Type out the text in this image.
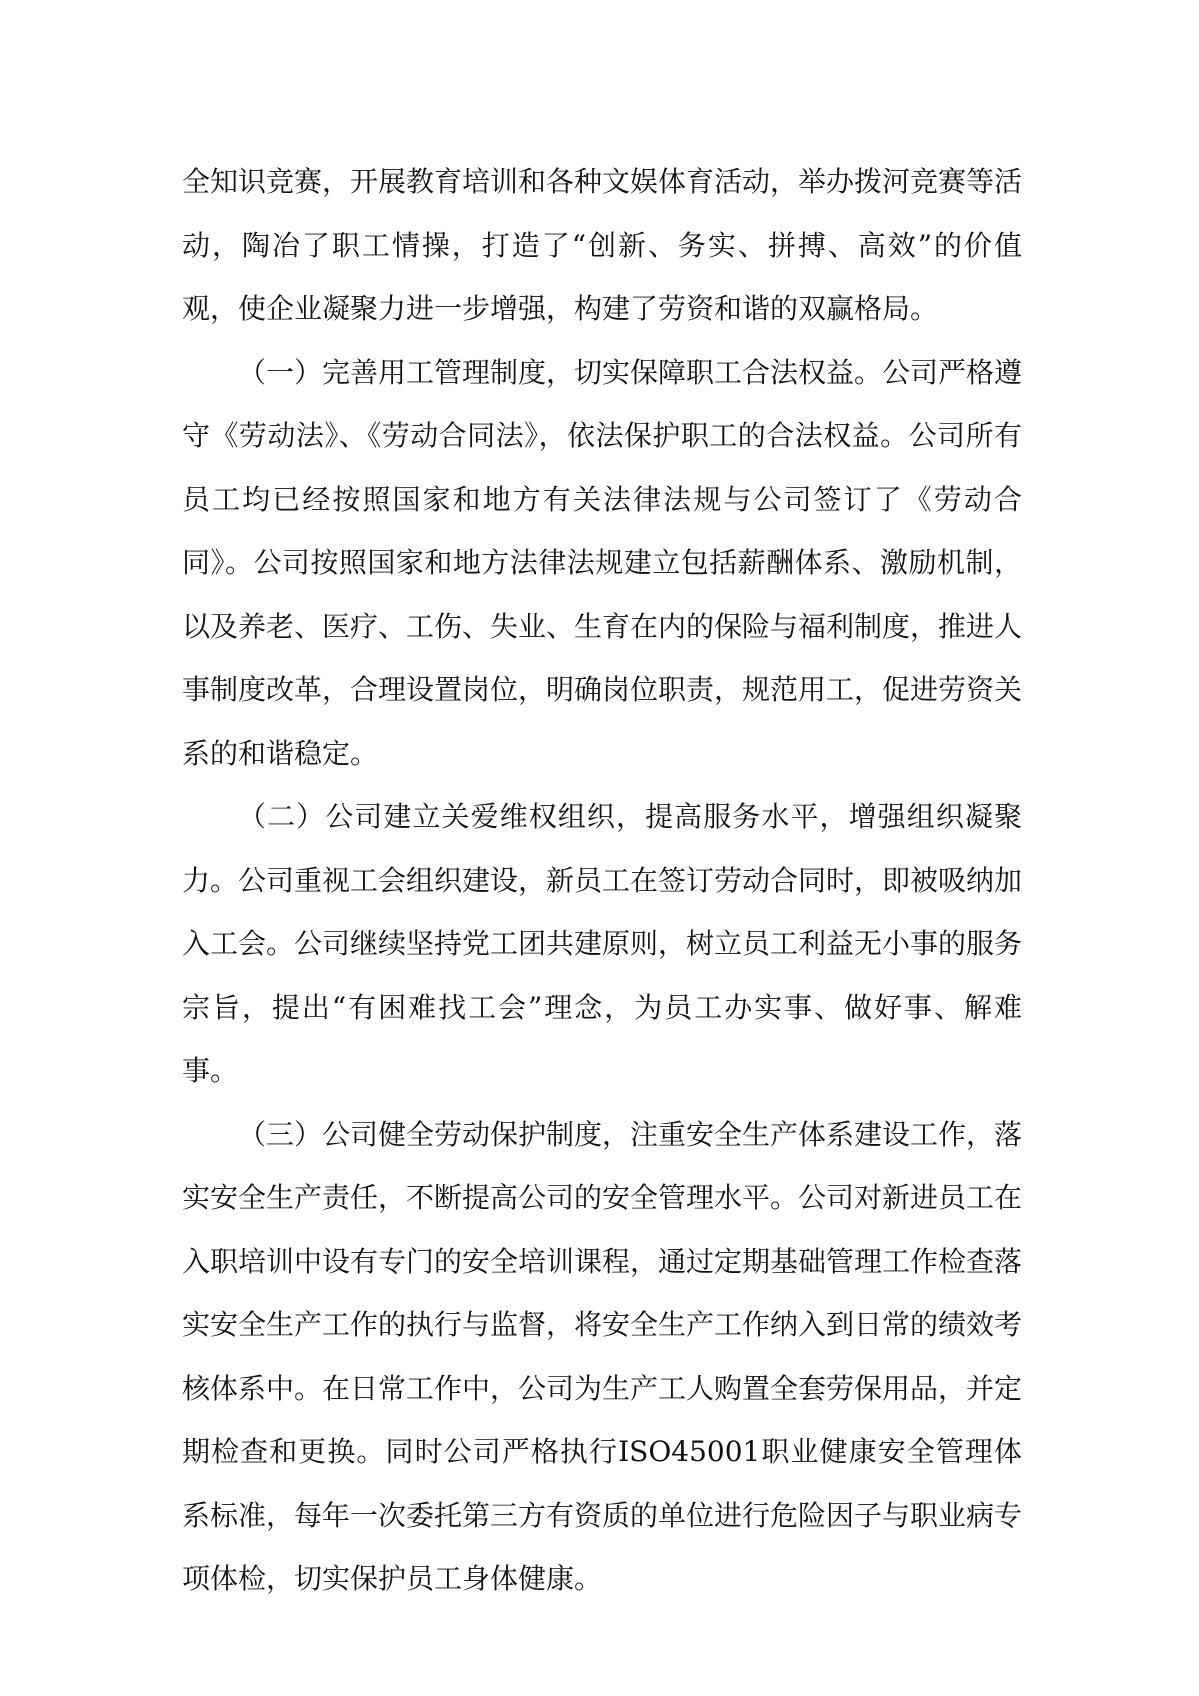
全知识竞赛，开展教育培训和各种文娱体育活动，举办拨河竞赛等活动，陶冶了职工情操，打造了“创新、务实、拼搏、高效”的价值观，使企业凝聚力进一步增强，构建了劳资和谐的双赢格局。

（一）完善用工管理制度，切实保障职工合法权益。公司严格遵守《劳动法》、《劳动合同法》，依法保护职工的合法权益。公司所有员工均已经按照国家和地方有关法律法规与公司签订了《劳动合同》。公司按照国家和地方法律法规建立包括薪酬体系、激励机制，以及养老、医疗、工伤、失业、生育在内的保险与福利制度，推进人事制度改革，合理设置岗位，明确岗位职责，规范用工，促进劳资关系的和谐稳定。

（二）公司建立关爱维权组织，提高服务水平，增强组织凝聚力。公司重视工会组织建设，新员工在签订劳动合同时，即被吸纳加入工会。公司继续坚持党工团共建原则，树立员工利益无小事的服务宗旨，提出“有困难找工会”理念，为员工办实事、做好事、解难事。

（三）公司健全劳动保护制度，注重安全生产体系建设工作，落实安全生产责任，不断提高公司的安全管理水平。公司对新进员工在入职培训中设有专门的安全培训课程，通过定期基础管理工作检查落实安全生产工作的执行与监督，将安全生产工作纳入到日常的绩效考核体系中。在日常工作中，公司为生产工人购置全套劳保用品，并定期检查和更换。同时公司严格执行ISO45001职业健康安全管理体系标准，每年一次委托第三方有资质的单位进行危险因子与职业病专项体检，切实保护员工身体健康。
